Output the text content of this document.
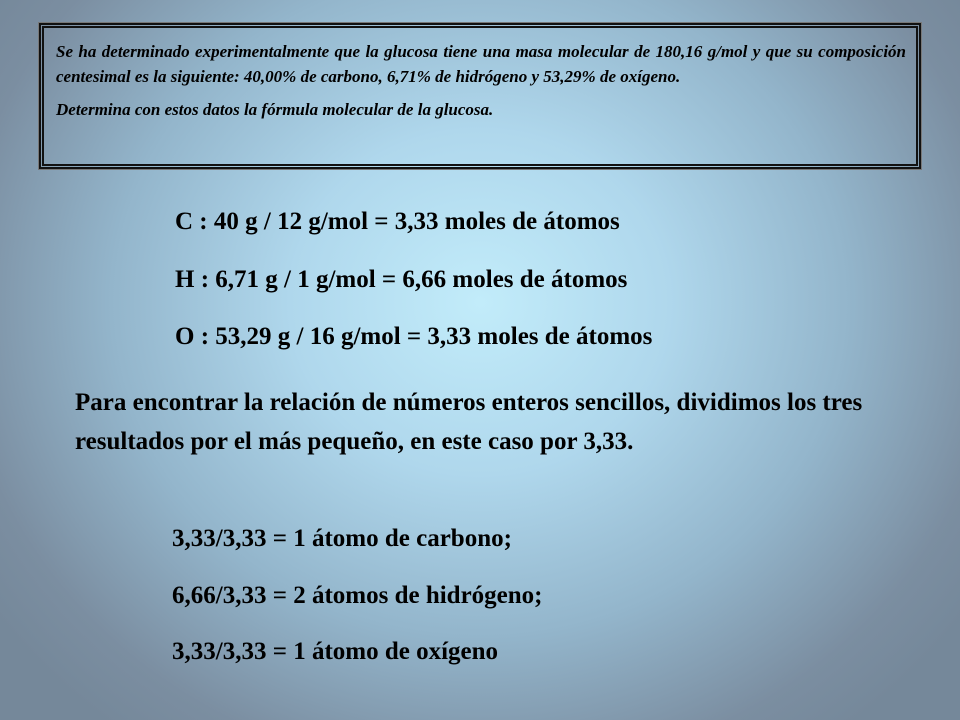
Se ha determinado experimentalmente que la glucosa tiene una masa molecular de 180,16 g/mol y que su composición centesimal es la siguiente: 40,00% de carbono, 6,71% de hidrógeno y 53,29% de oxígeno.

Determina con estos datos la fórmula molecular de la glucosa.

C : 40 g / 12 g/mol = 3,33 moles de átomos
H : 6,71 g / 1 g/mol = 6,66 moles de átomos
O : 53,29 g / 16 g/mol = 3,33 moles de átomos
Para encontrar la relación de números enteros sencillos, dividimos los tres resultados por el más pequeño, en este caso por 3,33.
3,33/3,33 = 1 átomo de carbono;
6,66/3,33 = 2 átomos de hidrógeno;
3,33/3,33 = 1 átomo de oxígeno
